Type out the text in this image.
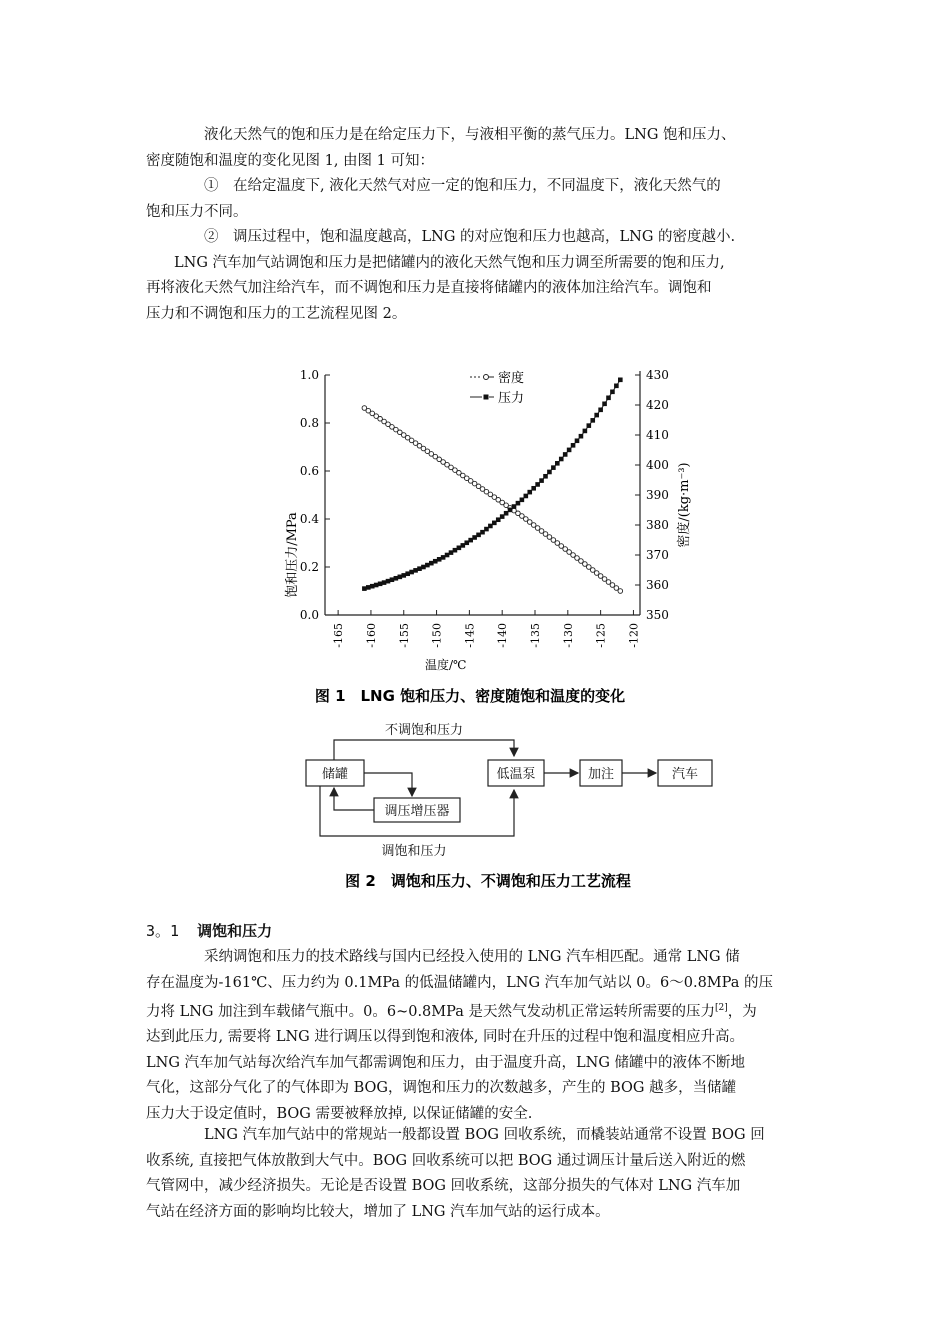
液化天然气的饱和压力是在给定压力下，与液相平衡的蒸气压力。LNG 饱和压力、
密度随饱和温度的变化见图 1, 由图 1 可知：
①　在给定温度下, 液化天然气对应一定的饱和压力，不同温度下，液化天然气的
饱和压力不同。
②　调压过程中，饱和温度越高，LNG 的对应饱和压力也越高，LNG 的密度越小.
LNG 汽车加气站调饱和压力是把储罐内的液化天然气饱和压力调至所需要的饱和压力,
再将液化天然气加注给汽车，而不调饱和压力是直接将储罐内的液体加注给汽车。调饱和
压力和不调饱和压力的工艺流程见图 2。
-165 -160 -155 -150 -145 -140 -135 -130 -125 -120
0.0
0.2
0.4
0.6
0.8
1.0
350
360
370
380
390
400
410
420
430
密度
压力
温度/℃
饱和压力/MPa
密度/(kg·m⁻³)
图 1　LNG 饱和压力、密度随饱和温度的变化
储罐
调压增压器
低温泵	加注	汽车
不调饱和压力
调饱和压力
图 2　调饱和压力、不调饱和压力工艺流程

3。1 调饱和压力

采纳调饱和压力的技术路线与国内已经投入使用的 LNG 汽车相匹配。通常 LNG 储
存在温度为-161℃、压力约为 0.1MPa 的低温储罐内，LNG 汽车加气站以 0。6～0.8MPa 的压
力将 LNG 加注到车载储气瓶中。0。6~0.8MPa 是天然气发动机正常运转所需要的压力[2]，为
达到此压力, 需要将 LNG 进行调压以得到饱和液体, 同时在升压的过程中饱和温度相应升高。
LNG 汽车加气站每次给汽车加气都需调饱和压力，由于温度升高，LNG 储罐中的液体不断地
气化，这部分气化了的气体即为 BOG，调饱和压力的次数越多，产生的 BOG 越多，当储罐
压力大于设定值时，BOG 需要被释放掉, 以保证储罐的安全.
LNG 汽车加气站中的常规站一般都设置 BOG 回收系统，而橇装站通常不设置 BOG 回
收系统, 直接把气体放散到大气中。BOG 回收系统可以把 BOG 通过调压计量后送入附近的燃
气管网中，减少经济损失。无论是否设置 BOG 回收系统，这部分损失的气体对 LNG 汽车加
气站在经济方面的影响均比较大，增加了 LNG 汽车加气站的运行成本。
